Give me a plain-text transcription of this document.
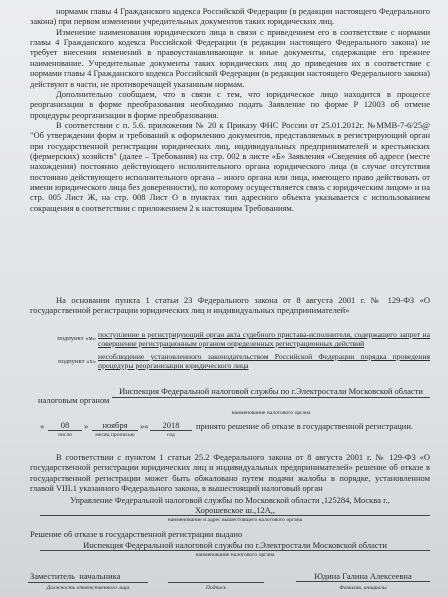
нормами главы 4 Гражданского кодекса Российской Федерации (в редакции настоящего Федерального закона) при первом изменении учредительных документов таких юридических лиц.

Изменение наименования юридического лица в связи с приведением его в соответствие с нормами главы 4 Гражданского кодекса Российской Федерации (в редакции настоящего Федерального закона) не требует внесения изменений в правоустанавливающие и иные документы, содержащие его прежнее наименование. Учредительные документы таких юридических лиц до приведения их в соответствие с нормами главы 4 Гражданского кодекса Российской Федерации (в редакции настоящего Федерального закона) действуют в части, не противоречащей указанным нормам.

Дополнительно сообщаем, что в связи с тем, что юридическое лицо находится в процессе реорганизации в форме преобразования необходимо подать Заявление по форме Р 12003 об отмене процедуры реорганизации в форме преобразования.

В соответствии с п. 5.6. приложения № 20 к Приказу ФНС России от 25.01.2012г. №ММВ-7-6/25@ "Об утверждении форм и требований к оформлению документов, представляемых в регистрирующий орган при государственной регистрации юридических лиц, индивидуальных предпринимателей и крестьянских (фермерских) хозяйств" (далее – Требования) на стр. 002 в листе «Б» Заявления «Сведения об адресе (месте нахождения) постоянно действующего исполнительного органа юридического лица (в случае отсутствия постоянно действующего исполнительного органа – иного органа или лица, имеющего право действовать от имени юридического лица без доверенности), по которому осуществляется связь с юридическим лицом» и на стр. 005 Лист Ж, на стр. 008 Лист О в пунктах тип адресного объекта указывается с использованием сокращения в соответствии с приложением 2 к настоящим Требованиям.

На основании пункта 1 статьи 23 Федерального закона от 8 августа 2001 г. № 129-ФЗ «О государственной регистрации юридических лиц и индивидуальных предпринимателей»

подпункт «м» поступление в регистрирующий орган акта судебного пристава-исполнителя, содержащего запрет на совершение регистрационным органом определенных регистрационных действий
подпункт «х»
несоблюдение установленного законодательством Российской Федерации порядка проведения процедуры реорганизации юридического лица
налоговым органом
Инспекция Федеральной налоговой службы по г.Электростали Московской области
наименование налогового органа
«	08	»	ноября	»«	2018	принято решение об отказе в государственной регистрации.
число	месяц прописью	год

В соответствии с пунктом 1 статьи 25.2 Федерального закона от 8 августа 2001 г. № 129-ФЗ «О государственной регистрации юридических лиц и индивидуальных предпринимателей» решение об отказе в государственной регистрации может быть обжаловано путем подачи жалобы в порядке, установленном главой VIII.1 указанного Федерального закона, в вышестоящий налоговый орган

Управление Федеральной налоговой службы по Московской области ,125284, Москва г.,
Хорошевское ш.,12А,,
наименование и адрес вышестоящего налогового органа
Решение об отказе в государственной регистрации выдано
Инспекция Федеральной налоговой службы по г.Электростали Московской области
наименование налогового органа
Заместитель начальника
Должность ответственного лица	Подпись
Юдина Галина Алексеевна
Фамилия, инициалы
